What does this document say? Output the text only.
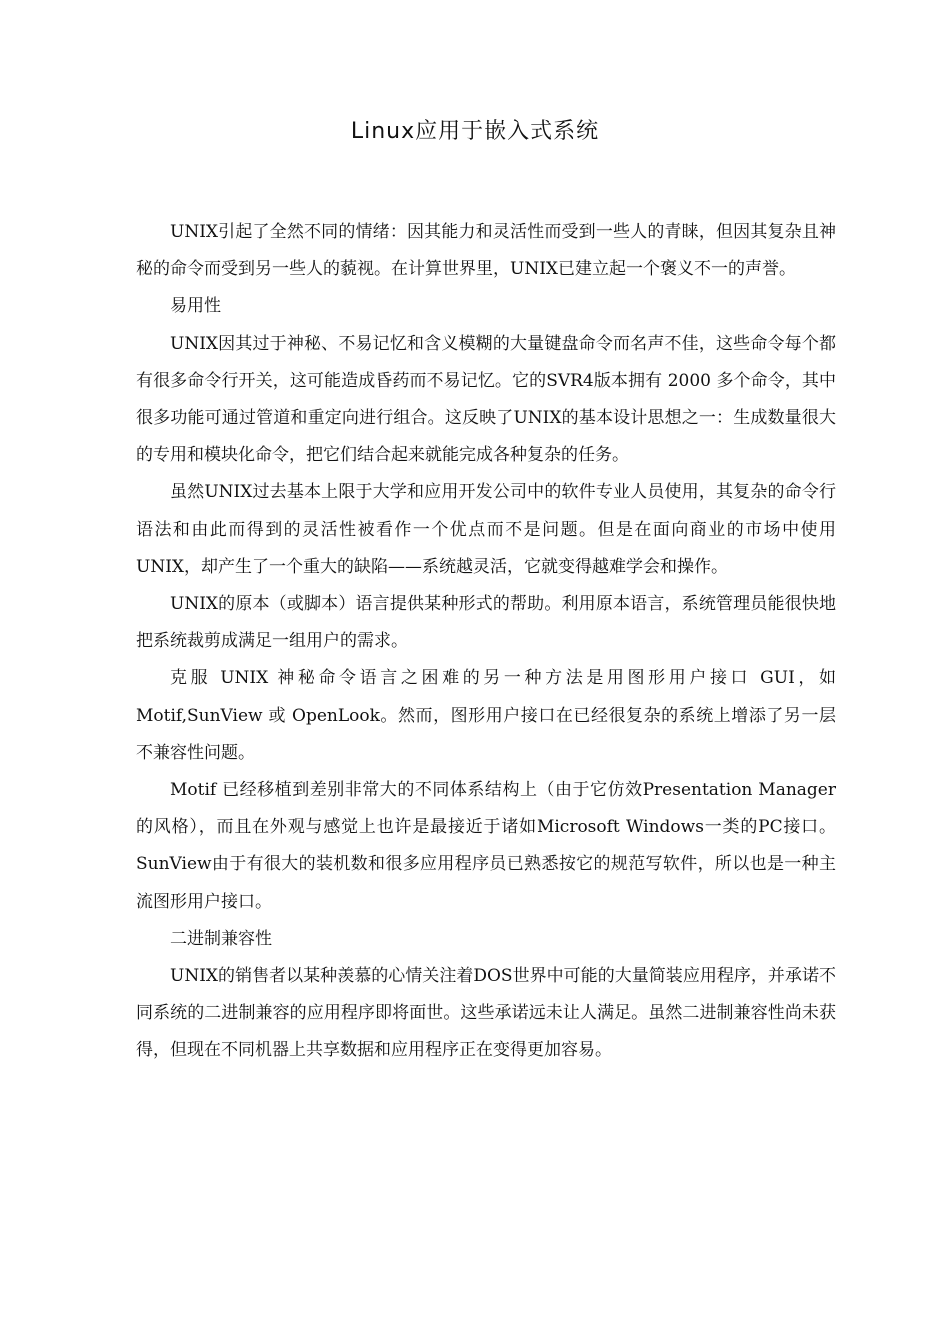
Linux应用于嵌入式系统

UNIX引起了全然不同的情绪：因其能力和灵活性而受到一些人的青睐，但因其复杂且神秘的命令而受到另一些人的藐视。在计算世界里，UNIX已建立起一个褒义不一的声誉。

易用性

UNIX因其过于神秘、不易记忆和含义模糊的大量键盘命令而名声不佳，这些命令每个都有很多命令行开关，这可能造成昏药而不易记忆。它的SVR4版本拥有 2000 多个命令，其中很多功能可通过管道和重定向进行组合。这反映了UNIX的基本设计思想之一：生成数量很大的专用和模块化命令，把它们结合起来就能完成各种复杂的任务。

虽然UNIX过去基本上限于大学和应用开发公司中的软件专业人员使用，其复杂的命令行语法和由此而得到的灵活性被看作一个优点而不是问题。但是在面向商业的市场中使用UNIX，却产生了一个重大的缺陷——系统越灵活，它就变得越难学会和操作。

UNIX的原本（或脚本）语言提供某种形式的帮助。利用原本语言，系统管理员能很快地把系统裁剪成满足一组用户的需求。

克服 UNIX 神秘命令语言之困难的另一种方法是用图形用户接口 GUI，如Motif,SunView 或 OpenLook。然而，图形用户接口在已经很复杂的系统上增添了另一层不兼容性问题。

Motif 已经移植到差别非常大的不同体系结构上（由于它仿效Presentation Manager 的风格），而且在外观与感觉上也许是最接近于诸如Microsoft Windows一类的PC接口。SunView由于有很大的装机数和很多应用程序员已熟悉按它的规范写软件，所以也是一种主流图形用户接口。

二进制兼容性

UNIX的销售者以某种羡慕的心情关注着DOS世界中可能的大量简装应用程序，并承诺不同系统的二进制兼容的应用程序即将面世。这些承诺远未让人满足。虽然二进制兼容性尚未获得，但现在不同机器上共享数据和应用程序正在变得更加容易。
